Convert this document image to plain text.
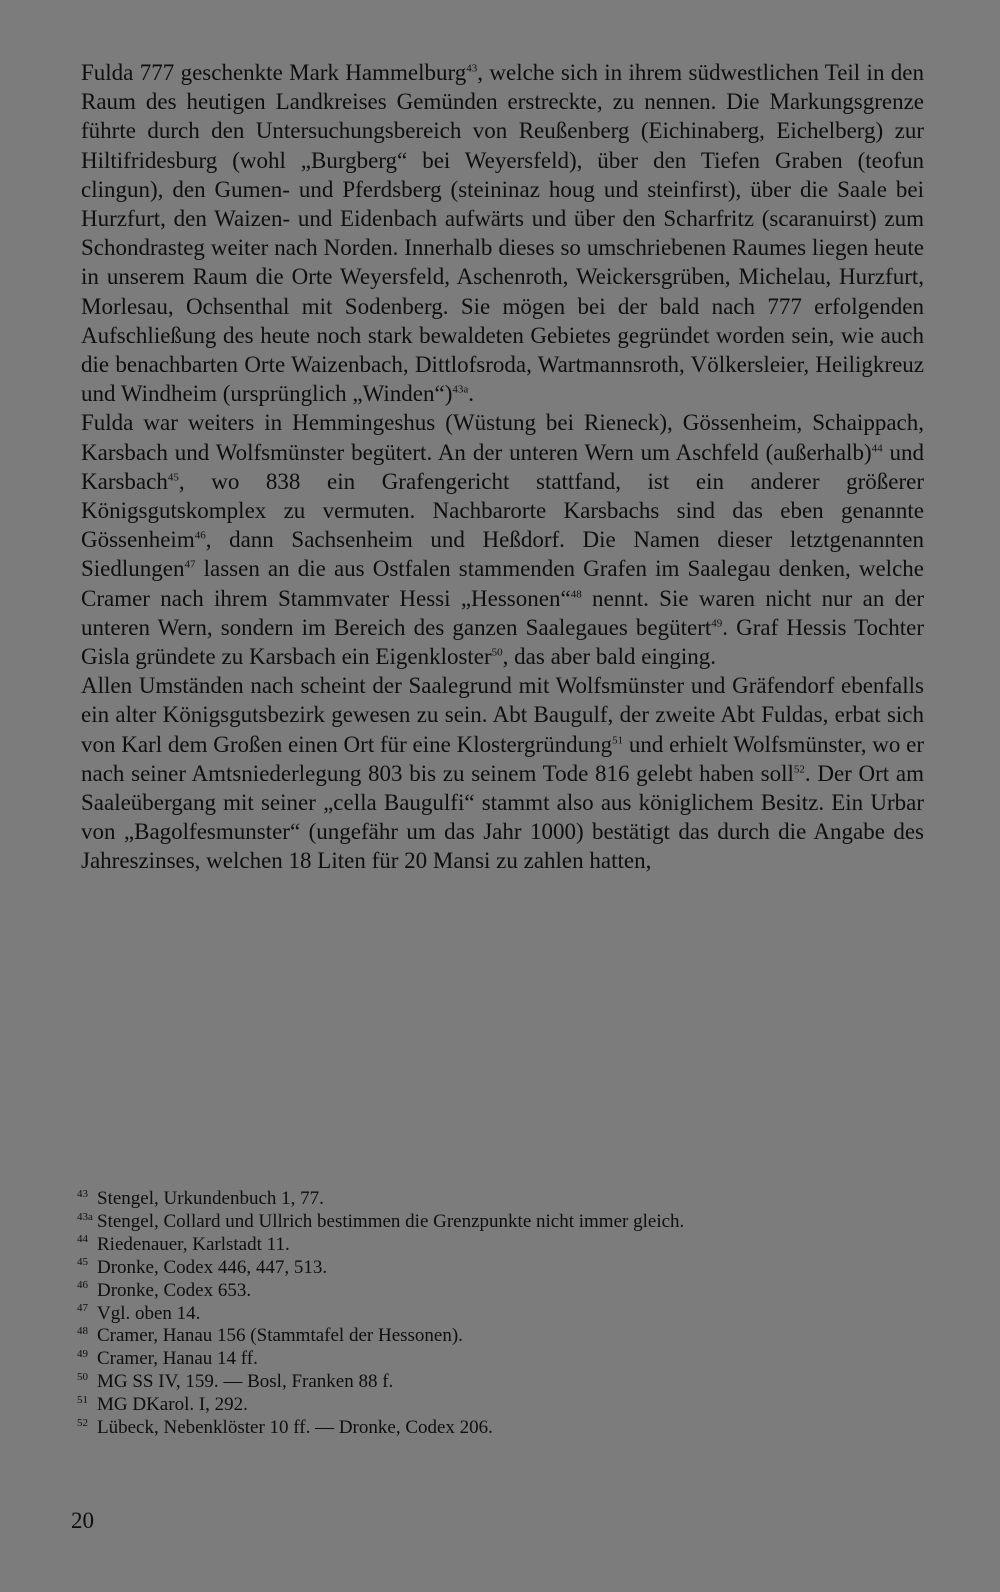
Fulda 777 geschenkte Mark Hammelburg$^{43}$, welche sich in ihrem südwestlichen Teil in den Raum des heutigen Landkreises Gemünden erstreckte, zu nennen. Die Markungsgrenze führte durch den Untersuchungsbereich von Reußenberg (Eichinaberg, Eichelberg) zur Hiltifridesburg (wohl „Burgberg“ bei Weyersfeld), über den Tiefen Graben (teofun clingun), den Gumen- und Pferdsberg (steininaz houg und steinfirst), über die Saale bei Hurzfurt, den Waizen- und Eidenbach aufwärts und über den Scharfritz (scaranuirst) zum Schondrasteg weiter nach Norden. Innerhalb dieses so umschriebenen Raumes liegen heute in unserem Raum die Orte Weyersfeld, Aschenroth, Weickersgrüben, Michelau, Hurzfurt, Morlesau, Ochsenthal mit Sodenberg. Sie mögen bei der bald nach 777 erfolgenden Aufschließung des heute noch stark bewaldeten Gebietes gegründet worden sein, wie auch die benachbarten Orte Waizenbach, Dittlofsroda, Wartmannsroth, Völkersleier, Heiligkreuz und Windheim (ursprünglich „Winden“)$^{43a}$.

Fulda war weiters in Hemmingeshus (Wüstung bei Rieneck), Gössenheim, Schaippach, Karsbach und Wolfsmünster begütert. An der unteren Wern um Aschfeld (außerhalb)$^{44}$ und Karsbach$^{45}$, wo 838 ein Grafengericht stattfand, ist ein anderer größerer Königsgutskomplex zu vermuten. Nachbarorte Karsbachs sind das eben genannte Gössenheim$^{46}$, dann Sachsenheim und Heßdorf. Die Namen dieser letztgenannten Siedlungen$^{47}$ lassen an die aus Ostfalen stammenden Grafen im Saalegau denken, welche Cramer nach ihrem Stammvater Hessi „Hessonen“$^{48}$ nennt. Sie waren nicht nur an der unteren Wern, sondern im Bereich des ganzen Saalegaues begütert$^{49}$. Graf Hessis Tochter Gisla gründete zu Karsbach ein Eigenkloster$^{50}$, das aber bald einging.

Allen Umständen nach scheint der Saalegrund mit Wolfsmünster und Gräfendorf ebenfalls ein alter Königsgutsbezirk gewesen zu sein. Abt Baugulf, der zweite Abt Fuldas, erbat sich von Karl dem Großen einen Ort für eine Klostergründung$^{51}$ und erhielt Wolfsmünster, wo er nach seiner Amtsniederlegung 803 bis zu seinem Tode 816 gelebt haben soll$^{52}$. Der Ort am Saaleübergang mit seiner „cella Baugulfi“ stammt also aus königlichem Besitz. Ein Urbar von „Bagolfesmunster“ (ungefähr um das Jahr 1000) bestätigt das durch die Angabe des Jahreszinses, welchen 18 Liten für 20 Mansi zu zahlen hatten,

43 Stengel, Urkundenbuch 1, 77.
43a Stengel, Collard und Ullrich bestimmen die Grenzpunkte nicht immer gleich.
44 Riedenauer, Karlstadt 11.
45 Dronke, Codex 446, 447, 513.
46 Dronke, Codex 653.
47 Vgl. oben 14.
48 Cramer, Hanau 156 (Stammtafel der Hessonen).
49 Cramer, Hanau 14 ff.
50 MG SS IV, 159. — Bosl, Franken 88 f.
51 MG DKarol. I, 292.
52 Lübeck, Nebenklöster 10 ff. — Dronke, Codex 206.
20
